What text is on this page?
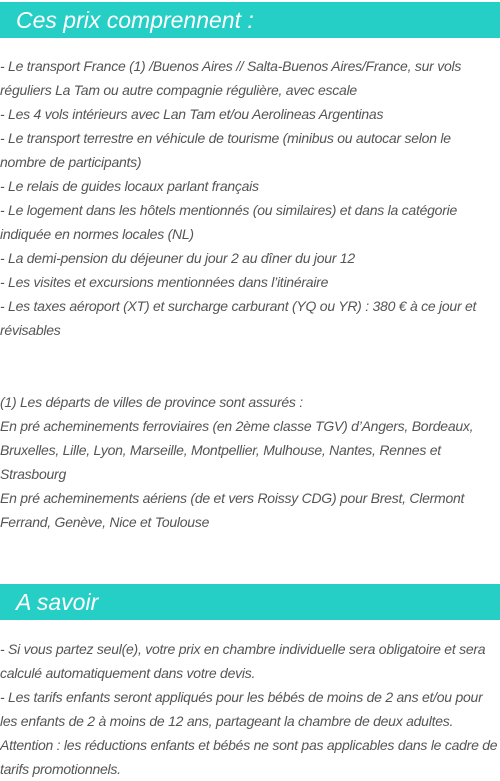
Ces prix comprennent :
- Le transport France (1) /Buenos Aires // Salta-Buenos Aires/France, sur vols réguliers La Tam ou autre compagnie régulière, avec escale
- Les 4 vols intérieurs avec Lan Tam et/ou Aerolineas Argentinas
- Le transport terrestre en véhicule de tourisme (minibus ou autocar selon le nombre de participants)
- Le relais de guides locaux parlant français
- Le logement dans les hôtels mentionnés (ou similaires) et dans la catégorie indiquée en normes locales (NL)
- La demi-pension du déjeuner du jour 2 au dîner du jour 12
- Les visites et excursions mentionnées dans l’itinéraire
- Les taxes aéroport (XT) et surcharge carburant (YQ ou YR) : 380 € à ce jour et révisables
(1) Les départs de villes de province sont assurés :
En pré acheminements ferroviaires (en 2ème classe TGV) d’Angers, Bordeaux, Bruxelles, Lille, Lyon, Marseille, Montpellier, Mulhouse, Nantes, Rennes et Strasbourg
En pré acheminements aériens (de et vers Roissy CDG) pour Brest, Clermont Ferrand, Genève, Nice et Toulouse
A savoir
- Si vous partez seul(e), votre prix en chambre individuelle sera obligatoire et sera calculé automatiquement dans votre devis.
- Les tarifs enfants seront appliqués pour les bébés de moins de 2 ans et/ou pour les enfants de 2 à moins de 12 ans, partageant la chambre de deux adultes.
Attention : les réductions enfants et bébés ne sont pas applicables dans le cadre de tarifs promotionnels.
